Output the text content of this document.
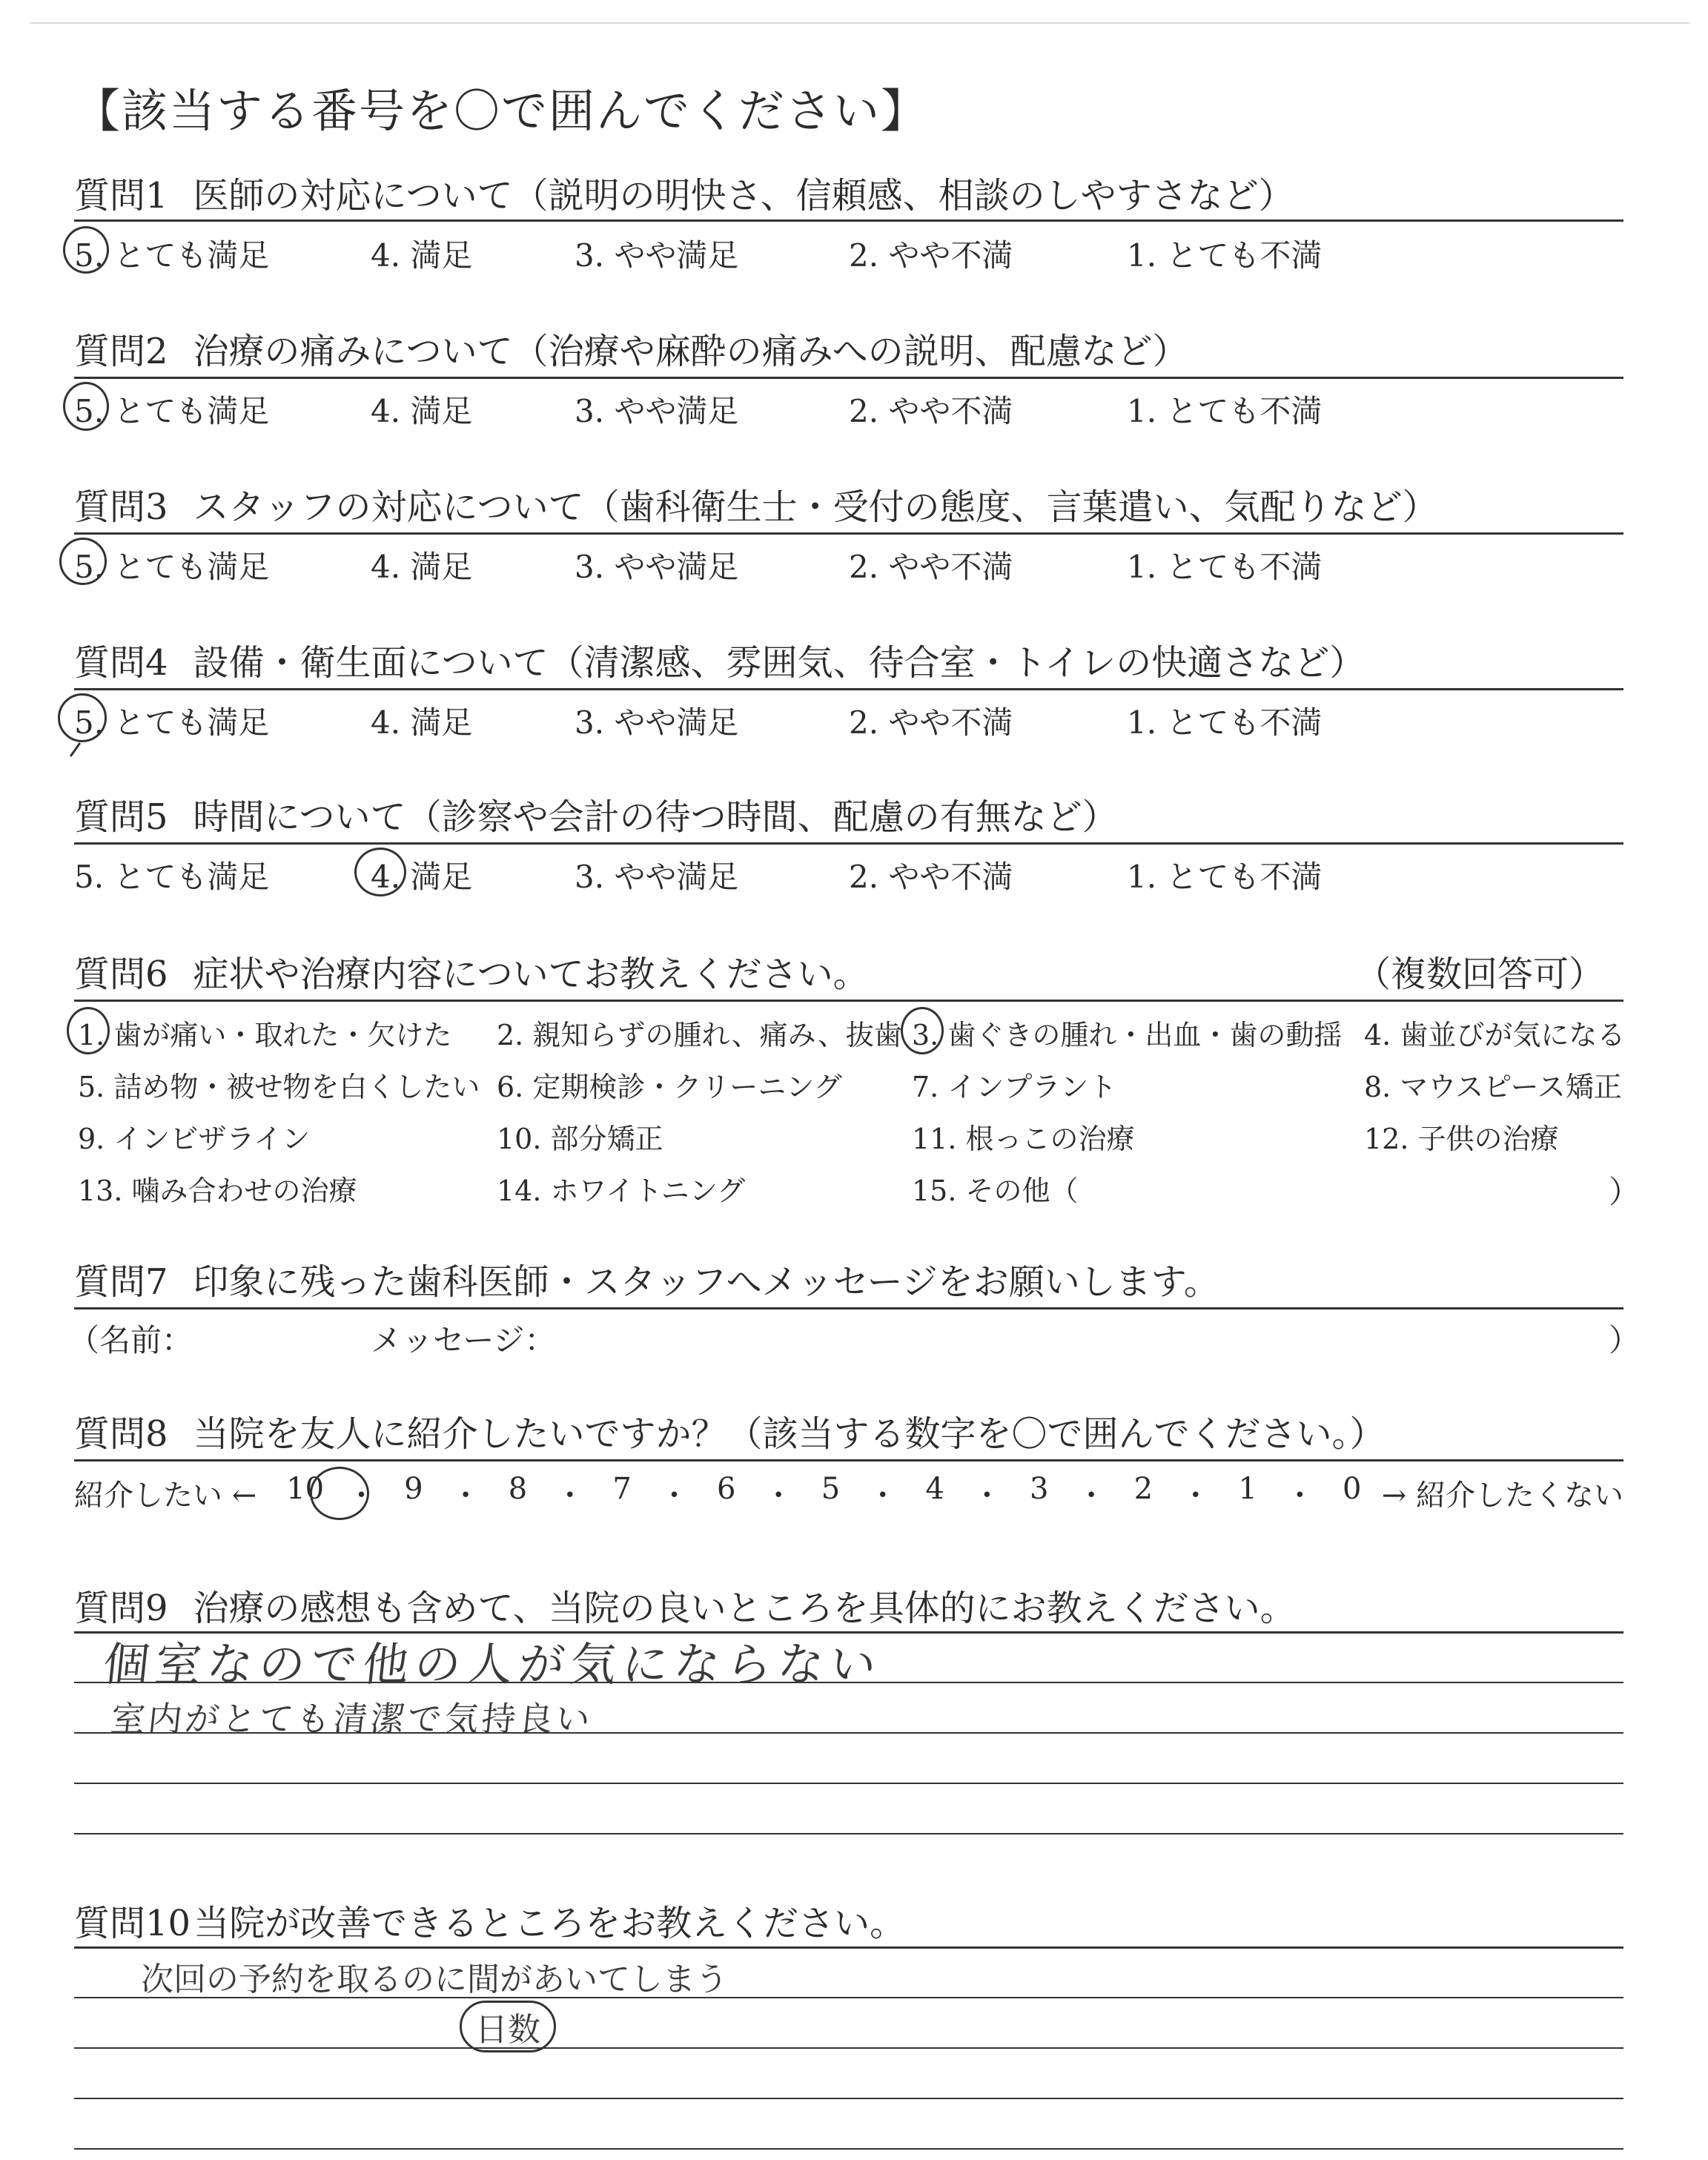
【該当する番号を〇で囲んでください】
質問1 医師の対応について（説明の明快さ、信頼感、相談のしやすさなど）
5. とても満足	4. 満足	3. やや満足	2. やや不満	1. とても不満
質問2 治療の痛みについて（治療や麻酔の痛みへの説明、配慮など）
5. とても満足	4. 満足	3. やや満足	2. やや不満	1. とても不満
質問3 スタッフの対応について（歯科衛生士・受付の態度、言葉遣い、気配りなど）
5. とても満足	4. 満足	3. やや満足	2. やや不満	1. とても不満
質問4 設備・衛生面について（清潔感、雰囲気、待合室・トイレの快適さなど）
5. とても満足	4. 満足	3. やや満足	2. やや不満	1. とても不満
質問5 時間について（診察や会計の待つ時間、配慮の有無など）
5. とても満足	4. 満足	3. やや満足	2. やや不満	1. とても不満
質問6 症状や治療内容についてお教えください。	（複数回答可）
1. 歯が痛い・取れた・欠けた 2. 親知らずの腫れ、痛み、抜歯 3. 歯ぐきの腫れ・出血・歯の動揺 4. 歯並びが気になる
5. 詰め物・被せ物を白くしたい 6. 定期検診・クリーニング 7. インプラント	8. マウスピース矯正
9. インビザライン	10. 部分矯正	11. 根っこの治療	12. 子供の治療
13. 噛み合わせの治療	14. ホワイトニング	15. その他（	）
質問7 印象に残った歯科医師・スタッフへメッセージをお願いします。
（名前：	メッセージ：	）
質問8 当院を友人に紹介したいですか？（該当する数字を〇で囲んでください。）
紹介したい ← 10 ・ 9 ・ 8 ・ 7 ・ 6 ・ 5 ・ 4 ・ 3 ・ 2 ・ 1 ・ 0 → 紹介したくない
質問9 治療の感想も含めて、当院の良いところを具体的にお教えください。
個室なので他の人が気にならない
室内がとても清潔で気持良い
質問10当院が改善できるところをお教えください。
次回の予約を取るのに間があいてしまう
日数
